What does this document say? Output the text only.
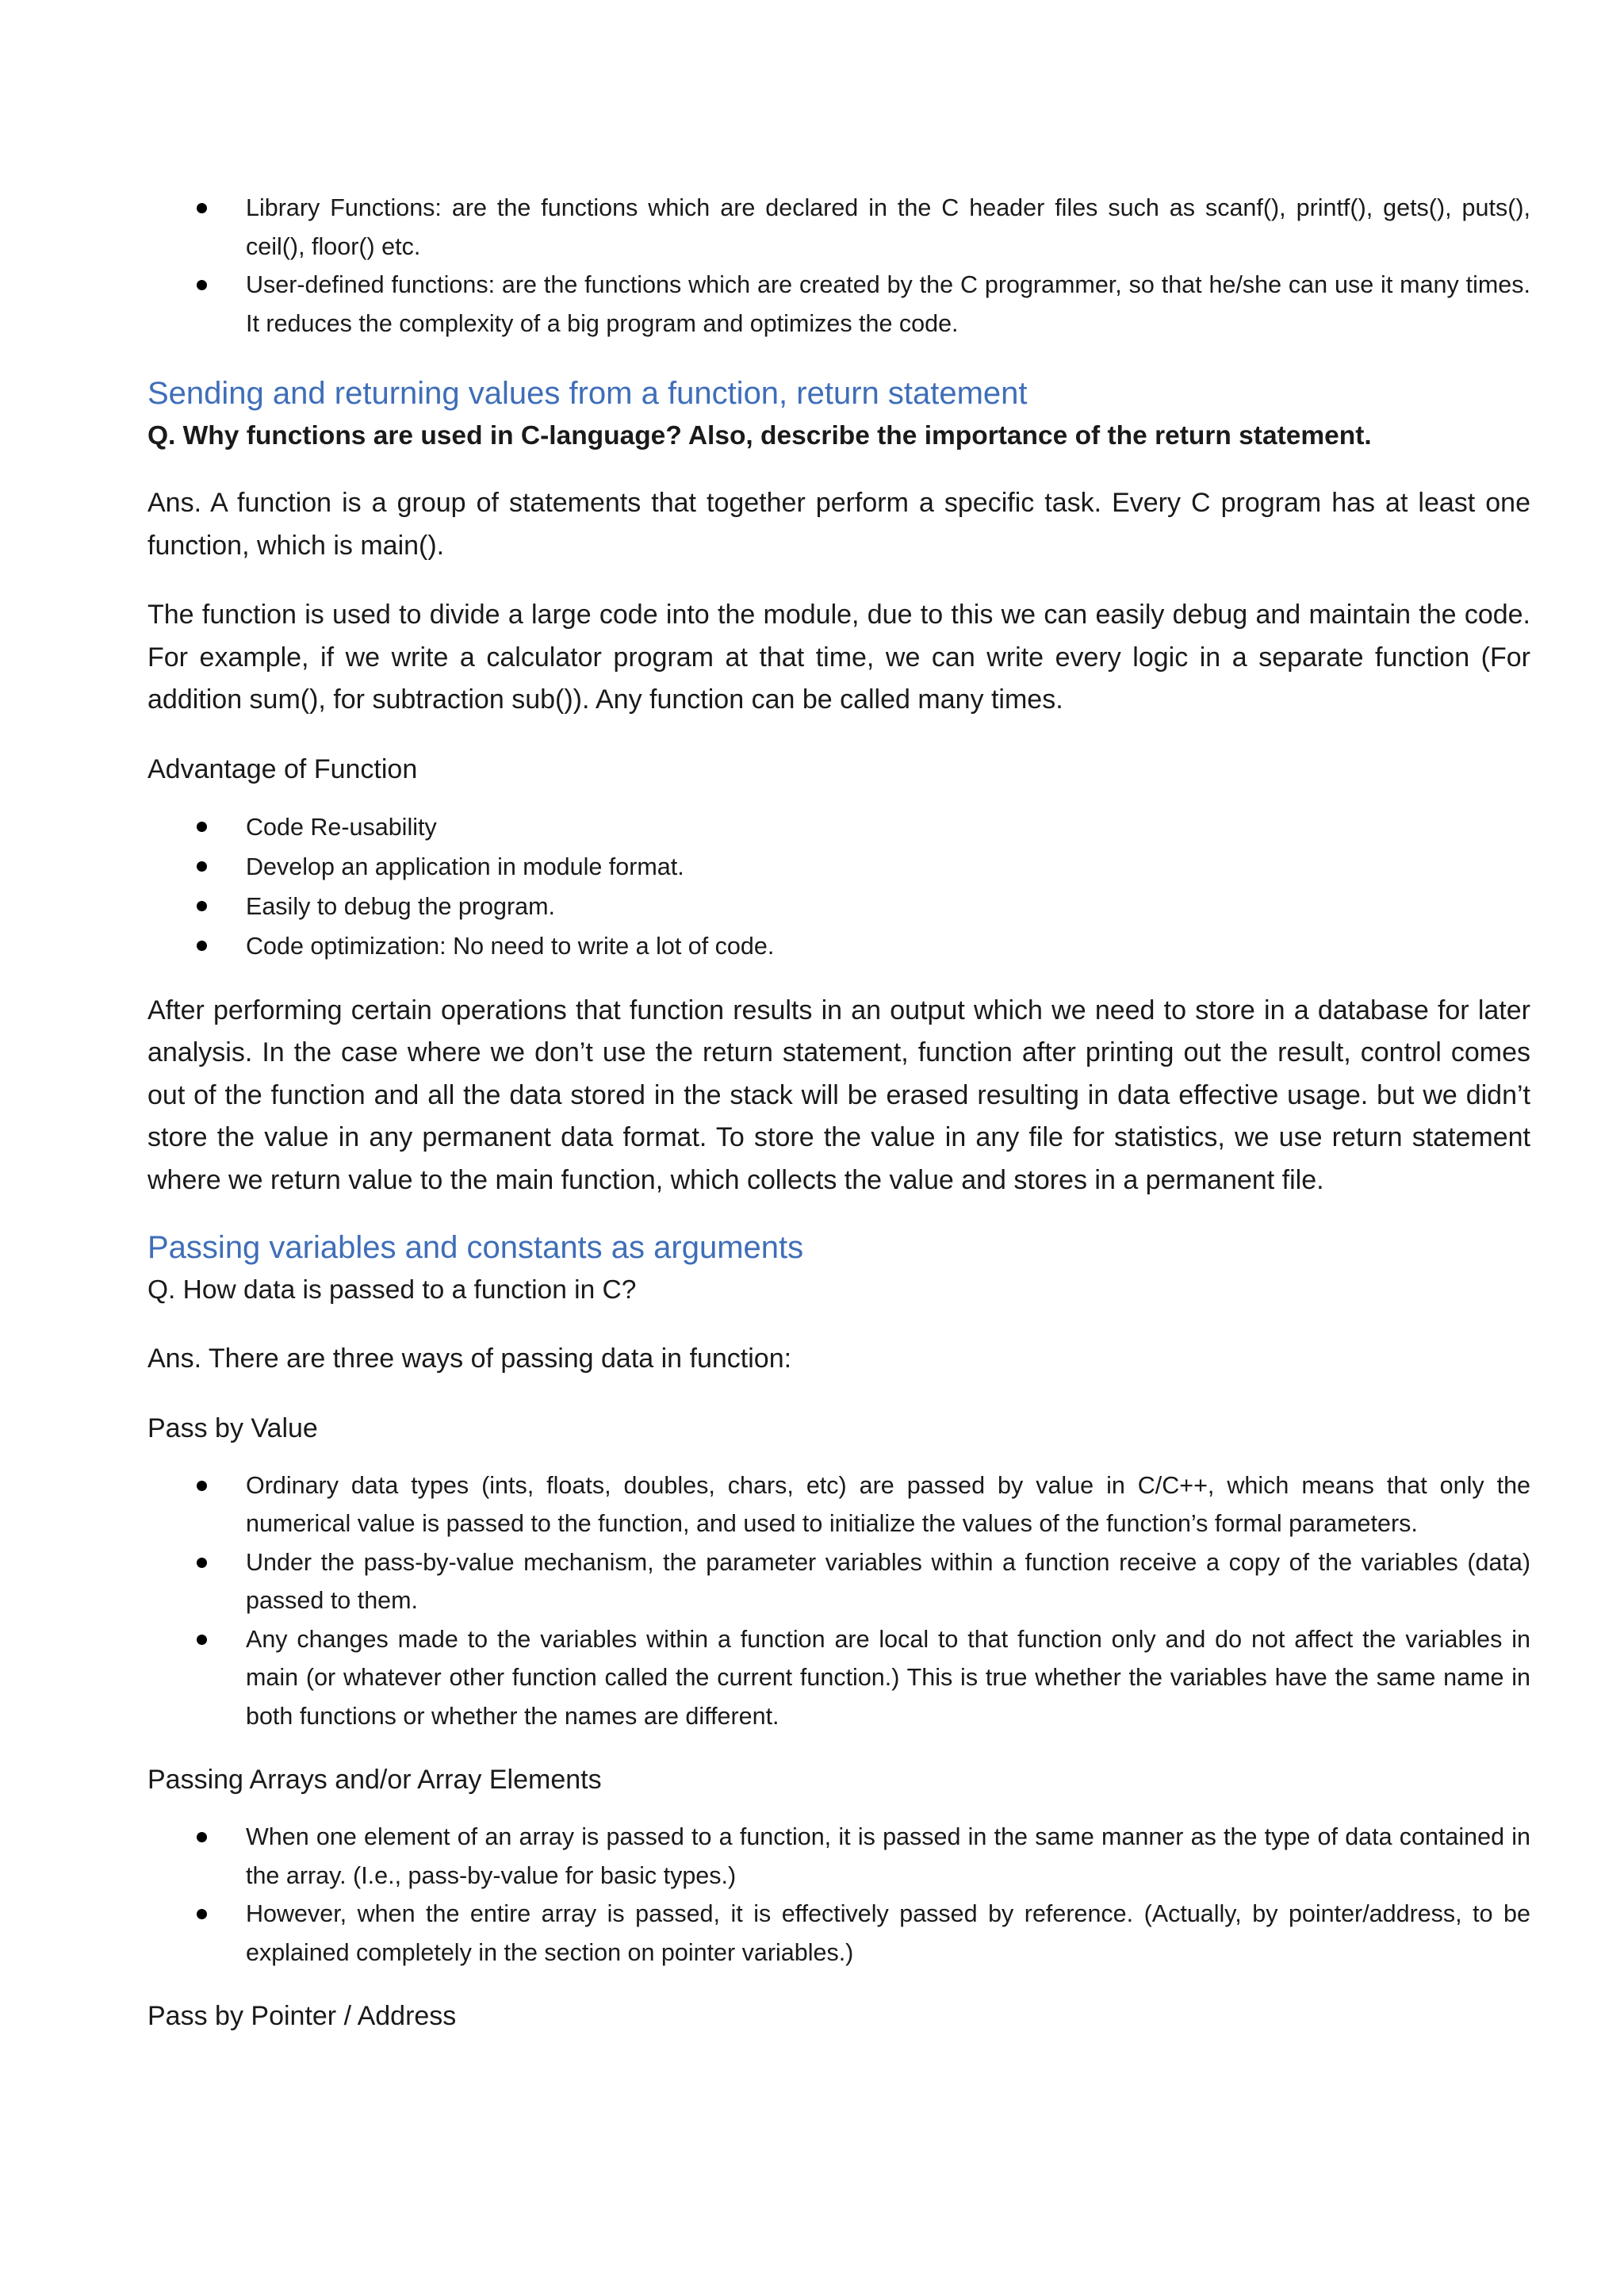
Library Functions: are the functions which are declared in the C header files such as scanf(), printf(), gets(), puts(), ceil(), floor() etc.
User-defined functions: are the functions which are created by the C programmer, so that he/she can use it many times. It reduces the complexity of a big program and optimizes the code.
Sending and returning values from a function, return statement

Q. Why functions are used in C-language? Also, describe the importance of the return statement.

Ans. A function is a group of statements that together perform a specific task. Every C program has at least one function, which is main().

The function is used to divide a large code into the module, due to this we can easily debug and maintain the code. For example, if we write a calculator program at that time, we can write every logic in a separate function (For addition sum(), for subtraction sub()). Any function can be called many times.

Advantage of Function

Code Re-usability
Develop an application in module format.
Easily to debug the program.
Code optimization: No need to write a lot of code.

After performing certain operations that function results in an output which we need to store in a database for later analysis. In the case where we don’t use the return statement, function after printing out the result, control comes out of the function and all the data stored in the stack will be erased resulting in data effective usage. but we didn’t store the value in any permanent data format. To store the value in any file for statistics, we use return statement where we return value to the main function, which collects the value and stores in a permanent file.

Passing variables and constants as arguments

Q. How data is passed to a function in C?

Ans. There are three ways of passing data in function:

Pass by Value

Ordinary data types (ints, floats, doubles, chars, etc) are passed by value in C/C++, which means that only the numerical value is passed to the function, and used to initialize the values of the function’s formal parameters.
Under the pass-by-value mechanism, the parameter variables within a function receive a copy of the variables (data) passed to them.
Any changes made to the variables within a function are local to that function only and do not affect the variables in main (or whatever other function called the current function.) This is true whether the variables have the same name in both functions or whether the names are different.

Passing Arrays and/or Array Elements

When one element of an array is passed to a function, it is passed in the same manner as the type of data contained in the array. (I.e., pass-by-value for basic types.)
However, when the entire array is passed, it is effectively passed by reference. (Actually, by pointer/address, to be explained completely in the section on pointer variables.)

Pass by Pointer / Address
